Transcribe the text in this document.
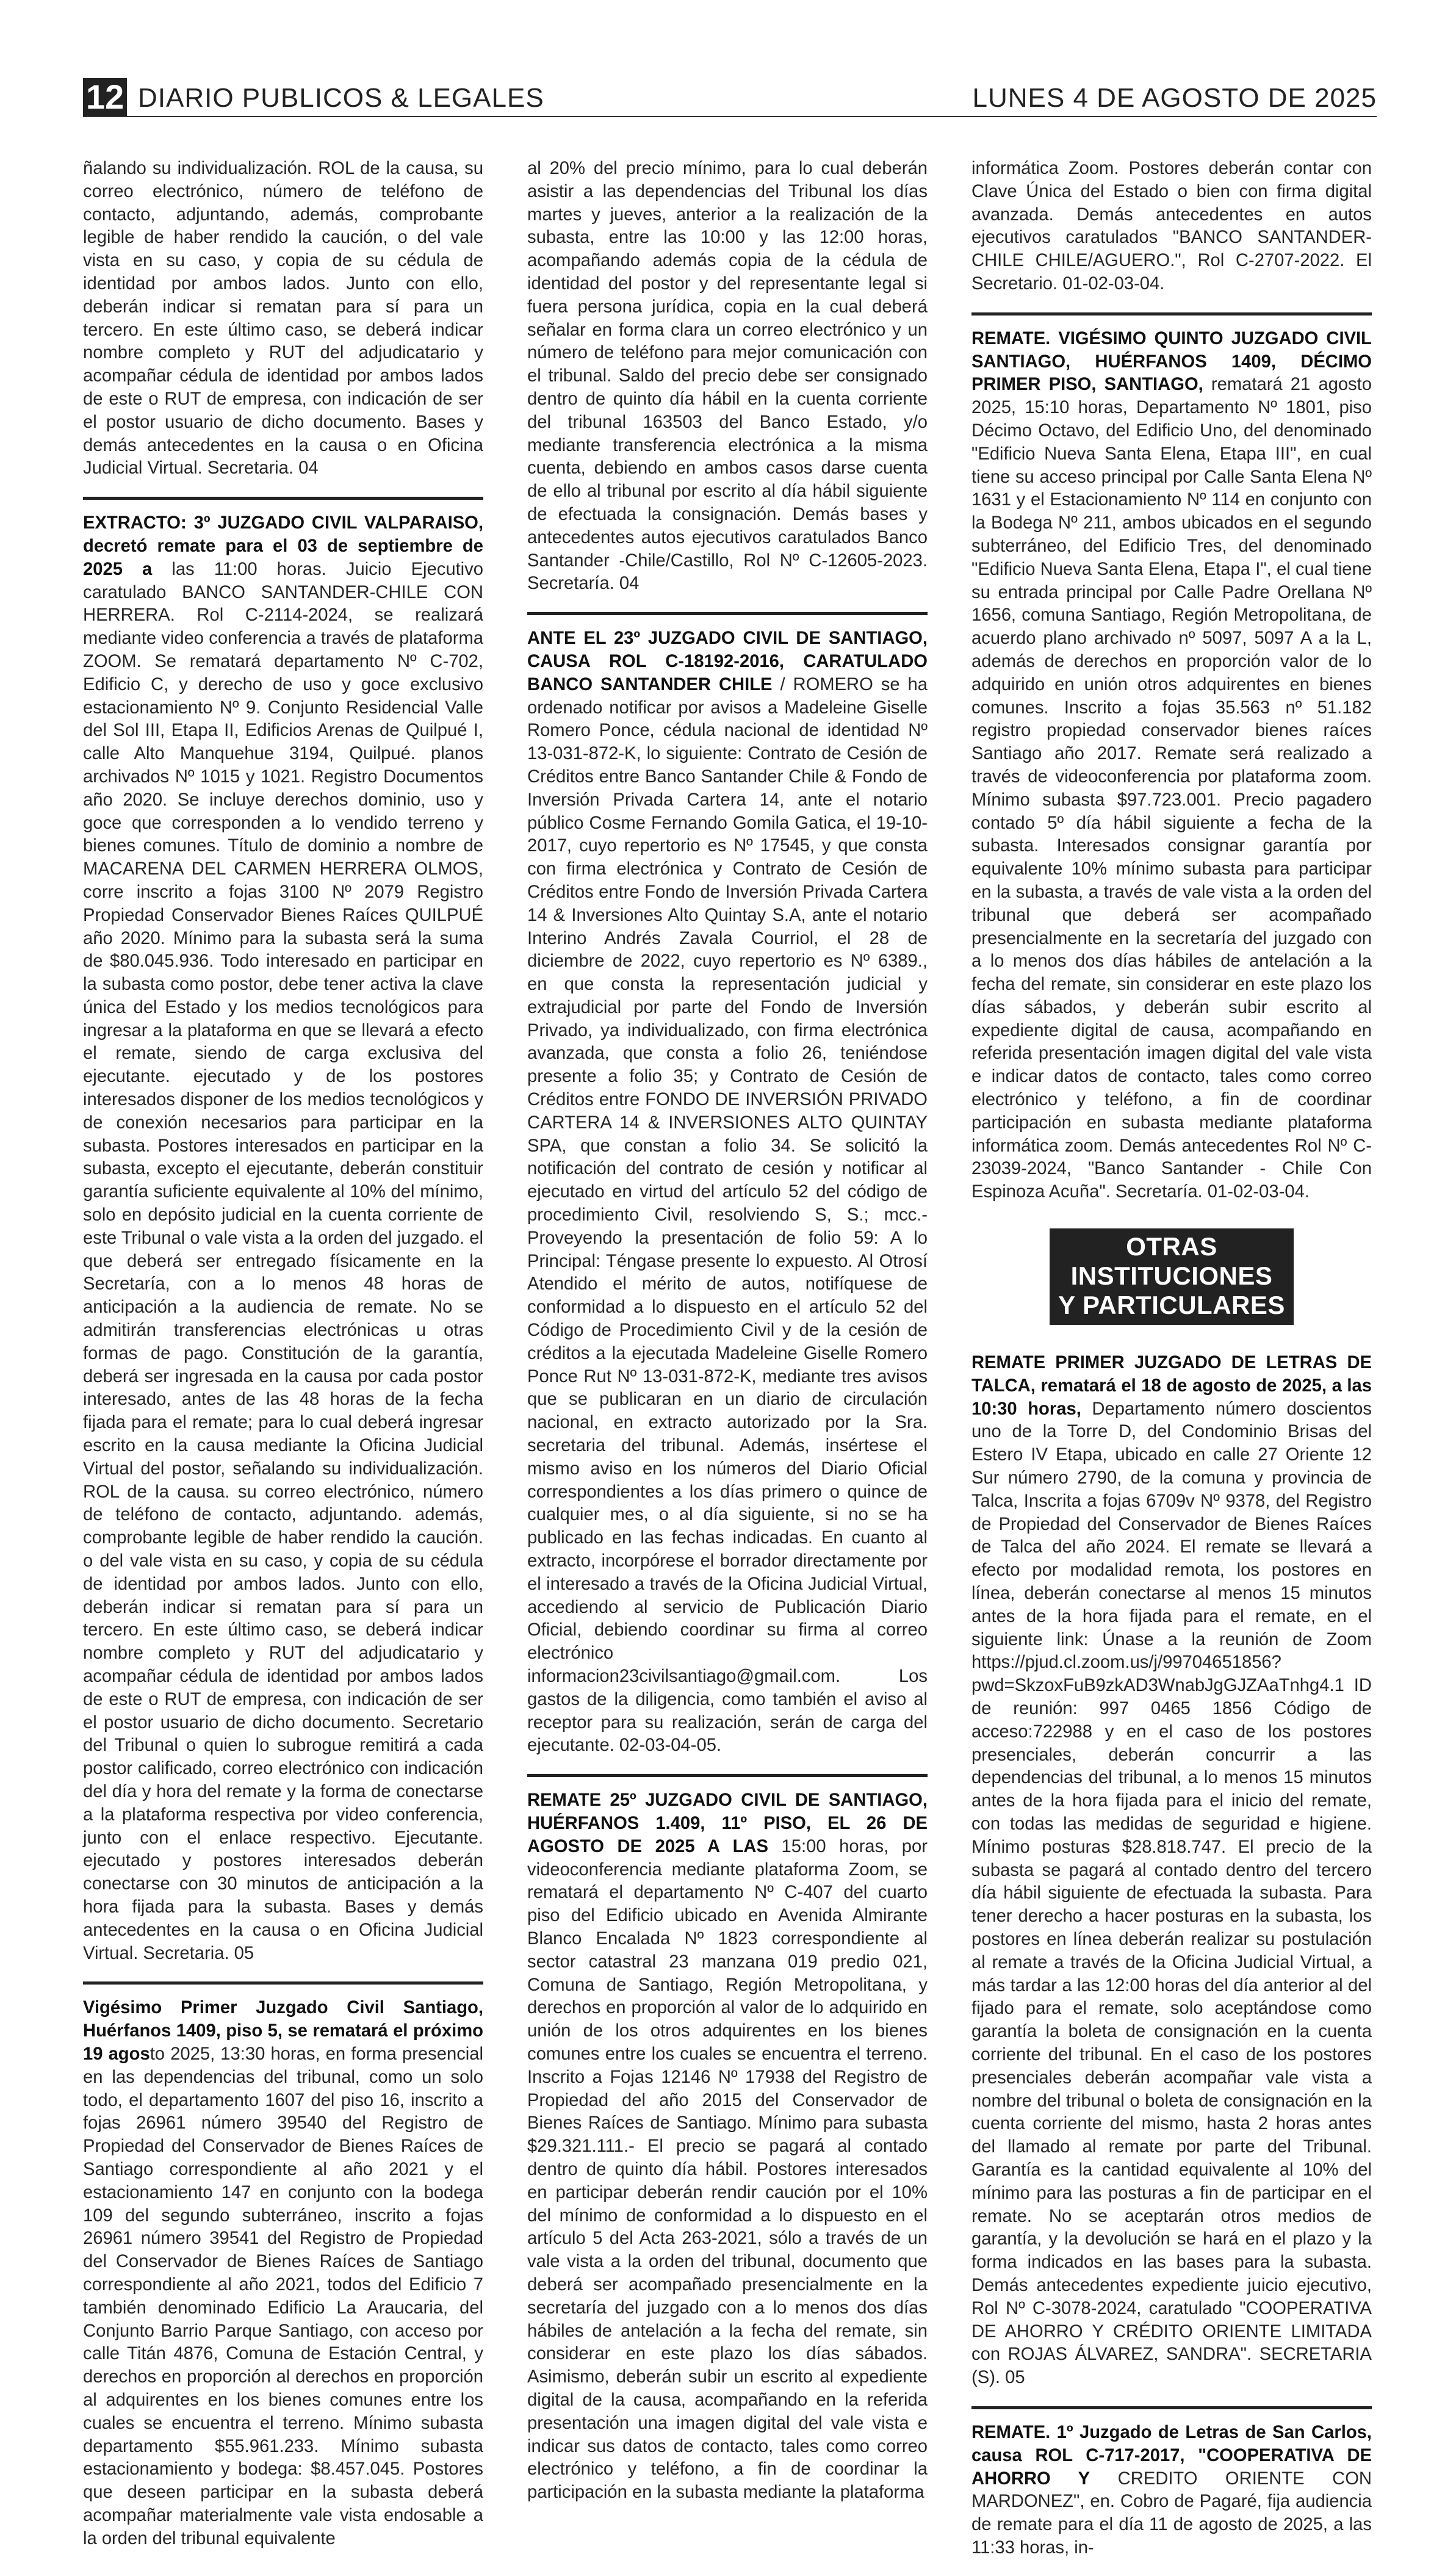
12 DIARIO PUBLICOS & LEGALES	LUNES 4 DE AGOSTO DE 2025

ñalando su individualización. ROL de la causa, su correo electrónico, número de teléfono de contacto, adjuntando, además, comprobante legible de haber rendido la caución, o del vale vista en su caso, y copia de su cédula de identidad por ambos lados. Junto con ello, deberán indicar si rematan para sí para un tercero. En este último caso, se deberá indicar nombre completo y RUT del adjudicatario y acompañar cédula de identidad por ambos lados de este o RUT de empresa, con indicación de ser el postor usuario de dicho documento. Bases y demás antecedentes en la causa o en Oficina Judicial Virtual. Secretaria. 04

EXTRACTO: 3º JUZGADO CIVIL VALPARAISO, decretó remate para el 03 de septiembre de 2025 a las 11:00 horas. Juicio Ejecutivo caratulado BANCO SANTANDER-CHILE CON HERRERA. Rol C-2114-2024, se realizará mediante video conferencia a través de plataforma ZOOM. Se rematará departamento Nº C-702, Edificio C, y derecho de uso y goce exclusivo estacionamiento Nº 9. Conjunto Residencial Valle del Sol III, Etapa II, Edificios Arenas de Quilpué I, calle Alto Manquehue 3194, Quilpué. planos archivados Nº 1015 y 1021. Registro Documentos año 2020. Se incluye derechos dominio, uso y goce que corresponden a lo vendido terreno y bienes comunes. Título de dominio a nombre de MACARENA DEL CARMEN HERRERA OLMOS, corre inscrito a fojas 3100 Nº 2079 Registro Propiedad Conservador Bienes Raíces QUILPUÉ año 2020. Mínimo para la subasta será la suma de $80.045.936. Todo interesado en participar en la subasta como postor, debe tener activa la clave única del Estado y los medios tecnológicos para ingresar a la plataforma en que se llevará a efecto el remate, siendo de carga exclusiva del ejecutante. ejecutado y de los postores interesados disponer de los medios tecnológicos y de conexión necesarios para participar en la subasta. Postores interesados en participar en la subasta, excepto el ejecutante, deberán constituir garantía suficiente equivalente al 10% del mínimo, solo en depósito judicial en la cuenta corriente de este Tribunal o vale vista a la orden del juzgado. el que deberá ser entregado físicamente en la Secretaría, con a lo menos 48 horas de anticipación a la audiencia de remate. No se admitirán transferencias electrónicas u otras formas de pago. Constitución de la garantía, deberá ser ingresada en la causa por cada postor interesado, antes de las 48 horas de la fecha fijada para el remate; para lo cual deberá ingresar escrito en la causa mediante la Oficina Judicial Virtual del postor, señalando su individualización. ROL de la causa. su correo electrónico, número de teléfono de contacto, adjuntando. además, comprobante legible de haber rendido la caución. o del vale vista en su caso, y copia de su cédula de identidad por ambos lados. Junto con ello, deberán indicar si rematan para sí para un tercero. En este último caso, se deberá indicar nombre completo y RUT del adjudicatario y acompañar cédula de identidad por ambos lados de este o RUT de empresa, con indicación de ser el postor usuario de dicho documento. Secretario del Tribunal o quien lo subrogue remitirá a cada postor calificado, correo electrónico con indicación del día y hora del remate y la forma de conectarse a la plataforma respectiva por video conferencia, junto con el enlace respectivo. Ejecutante. ejecutado y postores interesados deberán conectarse con 30 minutos de anticipación a la hora fijada para la subasta. Bases y demás antecedentes en la causa o en Oficina Judicial Virtual. Secretaria. 05

Vigésimo Primer Juzgado Civil Santiago, Huérfanos 1409, piso 5, se rematará el próximo 19 agosto 2025, 13:30 horas, en forma presencial en las dependencias del tribunal, como un solo todo, el departamento 1607 del piso 16, inscrito a fojas 26961 número 39540 del Registro de Propiedad del Conservador de Bienes Raíces de Santiago correspondiente al año 2021 y el estacionamiento 147 en conjunto con la bodega 109 del segundo subterráneo, inscrito a fojas 26961 número 39541 del Registro de Propiedad del Conservador de Bienes Raíces de Santiago correspondiente al año 2021, todos del Edificio 7 también denominado Edificio La Araucaria, del Conjunto Barrio Parque Santiago, con acceso por calle Titán 4876, Comuna de Estación Central, y derechos en proporción al derechos en proporción al adquirentes en los bienes comunes entre los cuales se encuentra el terreno. Mínimo subasta departamento $55.961.233. Mínimo subasta estacionamiento y bodega: $8.457.045. Postores que deseen participar en la subasta deberá acompañar materialmente vale vista endosable a la orden del tribunal equivalente

al 20% del precio mínimo, para lo cual deberán asistir a las dependencias del Tribunal los días martes y jueves, anterior a la realización de la subasta, entre las 10:00 y las 12:00 horas, acompañando además copia de la cédula de identidad del postor y del representante legal si fuera persona jurídica, copia en la cual deberá señalar en forma clara un correo electrónico y un número de teléfono para mejor comunicación con el tribunal. Saldo del precio debe ser consignado dentro de quinto día hábil en la cuenta corriente del tribunal 163503 del Banco Estado, y/o mediante transferencia electrónica a la misma cuenta, debiendo en ambos casos darse cuenta de ello al tribunal por escrito al día hábil siguiente de efectuada la consignación. Demás bases y antecedentes autos ejecutivos caratulados Banco Santander -Chile/Castillo, Rol Nº C-12605-2023. Secretaría. 04

ANTE EL 23º JUZGADO CIVIL DE SANTIAGO, CAUSA ROL C-18192-2016, CARATULADO BANCO SANTANDER CHILE / ROMERO se ha ordenado notificar por avisos a Madeleine Giselle Romero Ponce, cédula nacional de identidad Nº 13-031-872-K, lo siguiente: Contrato de Cesión de Créditos entre Banco Santander Chile & Fondo de Inversión Privada Cartera 14, ante el notario público Cosme Fernando Gomila Gatica, el 19-10-2017, cuyo repertorio es Nº 17545, y que consta con firma electrónica y Contrato de Cesión de Créditos entre Fondo de Inversión Privada Cartera 14 & Inversiones Alto Quintay S.A, ante el notario Interino Andrés Zavala Courriol, el 28 de diciembre de 2022, cuyo repertorio es Nº 6389., en que consta la representación judicial y extrajudicial por parte del Fondo de Inversión Privado, ya individualizado, con firma electrónica avanzada, que consta a folio 26, teniéndose presente a folio 35; y Contrato de Cesión de Créditos entre FONDO DE INVERSIÓN PRIVADO CARTERA 14 & INVERSIONES ALTO QUINTAY SPA, que constan a folio 34. Se solicitó la notificación del contrato de cesión y notificar al ejecutado en virtud del artículo 52 del código de procedimiento Civil, resolviendo S, S.; mcc.- Proveyendo la presentación de folio 59: A lo Principal: Téngase presente lo expuesto. Al Otrosí Atendido el mérito de autos, notifíquese de conformidad a lo dispuesto en el artículo 52 del Código de Procedimiento Civil y de la cesión de créditos a la ejecutada Madeleine Giselle Romero Ponce Rut Nº 13-031-872-K, mediante tres avisos que se publicaran en un diario de circulación nacional, en extracto autorizado por la Sra. secretaria del tribunal. Además, insértese el mismo aviso en los números del Diario Oficial correspondientes a los días primero o quince de cualquier mes, o al día siguiente, si no se ha publicado en las fechas indicadas. En cuanto al extracto, incorpórese el borrador directamente por el interesado a través de la Oficina Judicial Virtual, accediendo al servicio de Publicación Diario Oficial, debiendo coordinar su firma al correo electrónico informacion23civilsantiago@gmail.com. Los gastos de la diligencia, como también el aviso al receptor para su realización, serán de carga del ejecutante. 02-03-04-05.

REMATE 25º JUZGADO CIVIL DE SANTIAGO, HUÉRFANOS 1.409, 11º PISO, EL 26 DE AGOSTO DE 2025 A LAS 15:00 horas, por videoconferencia mediante plataforma Zoom, se rematará el departamento Nº C-407 del cuarto piso del Edificio ubicado en Avenida Almirante Blanco Encalada Nº 1823 correspondiente al sector catastral 23 manzana 019 predio 021, Comuna de Santiago, Región Metropolitana, y derechos en proporción al valor de lo adquirido en unión de los otros adquirentes en los bienes comunes entre los cuales se encuentra el terreno. Inscrito a Fojas 12146 Nº 17938 del Registro de Propiedad del año 2015 del Conservador de Bienes Raíces de Santiago. Mínimo para subasta $29.321.111.- El precio se pagará al contado dentro de quinto día hábil. Postores interesados en participar deberán rendir caución por el 10% del mínimo de conformidad a lo dispuesto en el artículo 5 del Acta 263-2021, sólo a través de un vale vista a la orden del tribunal, documento que deberá ser acompañado presencialmente en la secretaría del juzgado con a lo menos dos días hábiles de antelación a la fecha del remate, sin considerar en este plazo los días sábados. Asimismo, deberán subir un escrito al expediente digital de la causa, acompañando en la referida presentación una imagen digital del vale vista e indicar sus datos de contacto, tales como correo electrónico y teléfono, a fin de coordinar la participación en la subasta mediante la plataforma

informática Zoom. Postores deberán contar con Clave Única del Estado o bien con firma digital avanzada. Demás antecedentes en autos ejecutivos caratulados "BANCO SANTANDER-CHILE CHILE/AGUERO.", Rol C-2707-2022. El Secretario. 01-02-03-04.

REMATE. VIGÉSIMO QUINTO JUZGADO CIVIL SANTIAGO, HUÉRFANOS 1409, DÉCIMO PRIMER PISO, SANTIAGO, rematará 21 agosto 2025, 15:10 horas, Departamento Nº 1801, piso Décimo Octavo, del Edificio Uno, del denominado "Edificio Nueva Santa Elena, Etapa III", en cual tiene su acceso principal por Calle Santa Elena Nº 1631 y el Estacionamiento Nº 114 en conjunto con la Bodega Nº 211, ambos ubicados en el segundo subterráneo, del Edificio Tres, del denominado "Edificio Nueva Santa Elena, Etapa I", el cual tiene su entrada principal por Calle Padre Orellana Nº 1656, comuna Santiago, Región Metropolitana, de acuerdo plano archivado nº 5097, 5097 A a la L, además de derechos en proporción valor de lo adquirido en unión otros adquirentes en bienes comunes. Inscrito a fojas 35.563 nº 51.182 registro propiedad conservador bienes raíces Santiago año 2017. Remate será realizado a través de videoconferencia por plataforma zoom. Mínimo subasta $97.723.001. Precio pagadero contado 5º día hábil siguiente a fecha de la subasta. Interesados consignar garantía por equivalente 10% mínimo subasta para participar en la subasta, a través de vale vista a la orden del tribunal que deberá ser acompañado presencialmente en la secretaría del juzgado con a lo menos dos días hábiles de antelación a la fecha del remate, sin considerar en este plazo los días sábados, y deberán subir escrito al expediente digital de causa, acompañando en referida presentación imagen digital del vale vista e indicar datos de contacto, tales como correo electrónico y teléfono, a fin de coordinar participación en subasta mediante plataforma informática zoom. Demás antecedentes Rol Nº C-23039-2024, "Banco Santander - Chile Con Espinoza Acuña". Secretaría. 01-02-03-04.

OTRAS INSTITUCIONES
Y PARTICULARES

REMATE PRIMER JUZGADO DE LETRAS DE TALCA, rematará el 18 de agosto de 2025, a las 10:30 horas, Departamento número doscientos uno de la Torre D, del Condominio Brisas del Estero IV Etapa, ubicado en calle 27 Oriente 12 Sur número 2790, de la comuna y provincia de Talca, Inscrita a fojas 6709v Nº 9378, del Registro de Propiedad del Conservador de Bienes Raíces de Talca del año 2024. El remate se llevará a efecto por modalidad remota, los postores en línea, deberán conectarse al menos 15 minutos antes de la hora fijada para el remate, en el siguiente link: Únase a la reunión de Zoom https://pjud.cl.zoom.us/j/99704651856?pwd=SkzoxFuB9zkAD3WnabJgGJZAaTnhg4.1 ID de reunión: 997 0465 1856 Código de acceso:722988 y en el caso de los postores presenciales, deberán concurrir a las dependencias del tribunal, a lo menos 15 minutos antes de la hora fijada para el inicio del remate, con todas las medidas de seguridad e higiene. Mínimo posturas $28.818.747. El precio de la subasta se pagará al contado dentro del tercero día hábil siguiente de efectuada la subasta. Para tener derecho a hacer posturas en la subasta, los postores en línea deberán realizar su postulación al remate a través de la Oficina Judicial Virtual, a más tardar a las 12:00 horas del día anterior al del fijado para el remate, solo aceptándose como garantía la boleta de consignación en la cuenta corriente del tribunal. En el caso de los postores presenciales deberán acompañar vale vista a nombre del tribunal o boleta de consignación en la cuenta corriente del mismo, hasta 2 horas antes del llamado al remate por parte del Tribunal. Garantía es la cantidad equivalente al 10% del mínimo para las posturas a fin de participar en el remate. No se aceptarán otros medios de garantía, y la devolución se hará en el plazo y la forma indicados en las bases para la subasta. Demás antecedentes expediente juicio ejecutivo, Rol Nº C-3078-2024, caratulado "COOPERATIVA DE AHORRO Y CRÉDITO ORIENTE LIMITADA con ROJAS ÁLVAREZ, SANDRA". SECRETARIA (S). 05

REMATE. 1º Juzgado de Letras de San Carlos, causa ROL C-717-2017, "COOPERATIVA DE AHORRO Y CREDITO ORIENTE CON MARDONEZ", en. Cobro de Pagaré, fija audiencia de remate para el día 11 de agosto de 2025, a las 11:33 horas, in-
